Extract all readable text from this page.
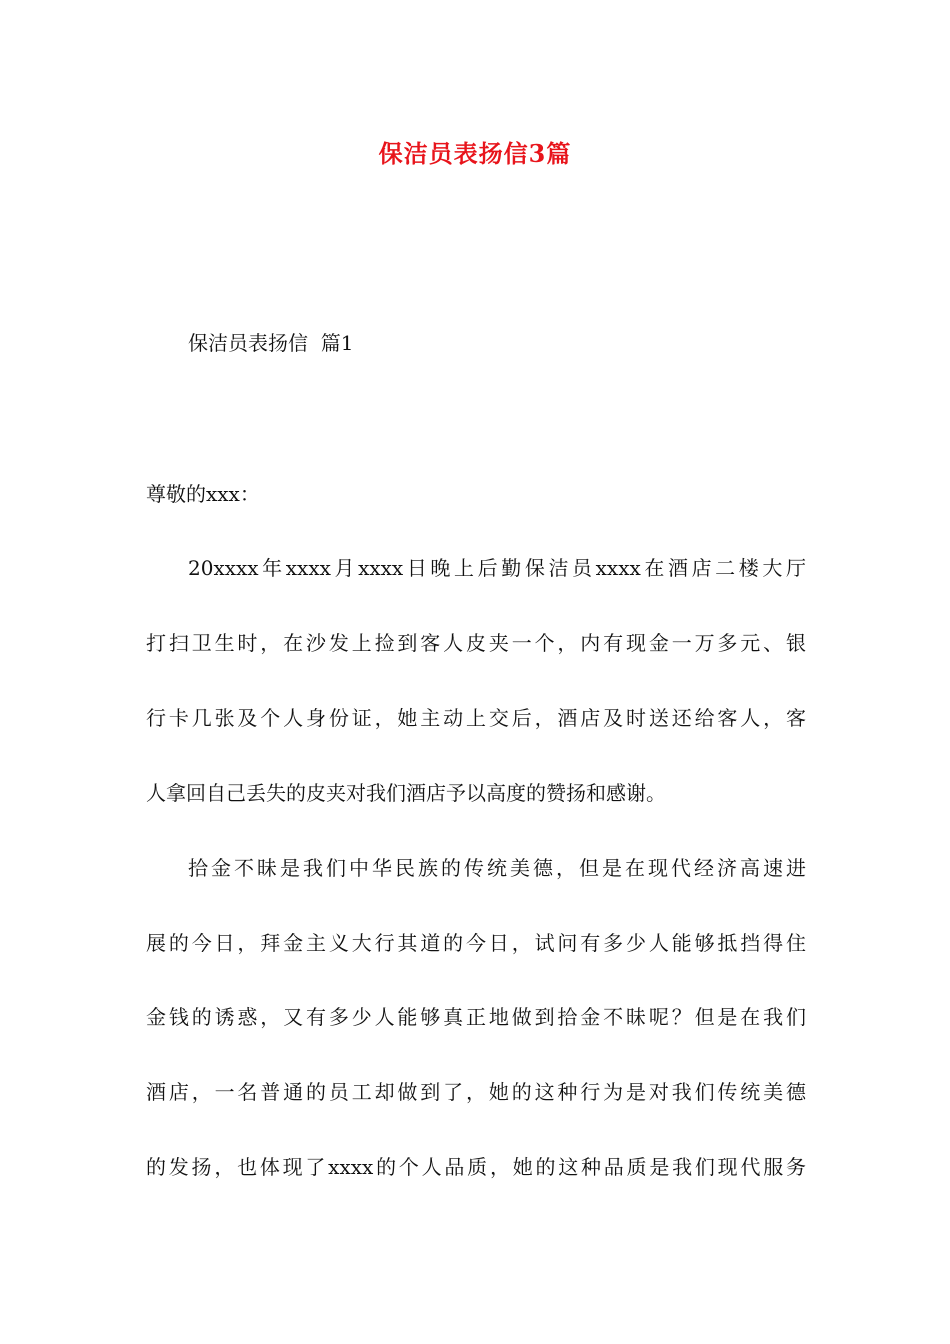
保洁员表扬信3篇
保洁员表扬信  篇1
尊敬的xxx：
20xxxx年xxxx月xxxx日晚上后勤保洁员xxxx在酒店二楼大厅
打扫卫生时，在沙发上捡到客人皮夹一个，内有现金一万多元、银
行卡几张及个人身份证，她主动上交后，酒店及时送还给客人，客
人拿回自己丢失的皮夹对我们酒店予以高度的赞扬和感谢。
拾金不昧是我们中华民族的传统美德，但是在现代经济高速进
展的今日，拜金主义大行其道的今日，试问有多少人能够抵挡得住
金钱的诱惑，又有多少人能够真正地做到拾金不昧呢？但是在我们
酒店，一名普通的员工却做到了，她的这种行为是对我们传统美德
的发扬，也体现了xxxx的个人品质，她的这种品质是我们现代服务
